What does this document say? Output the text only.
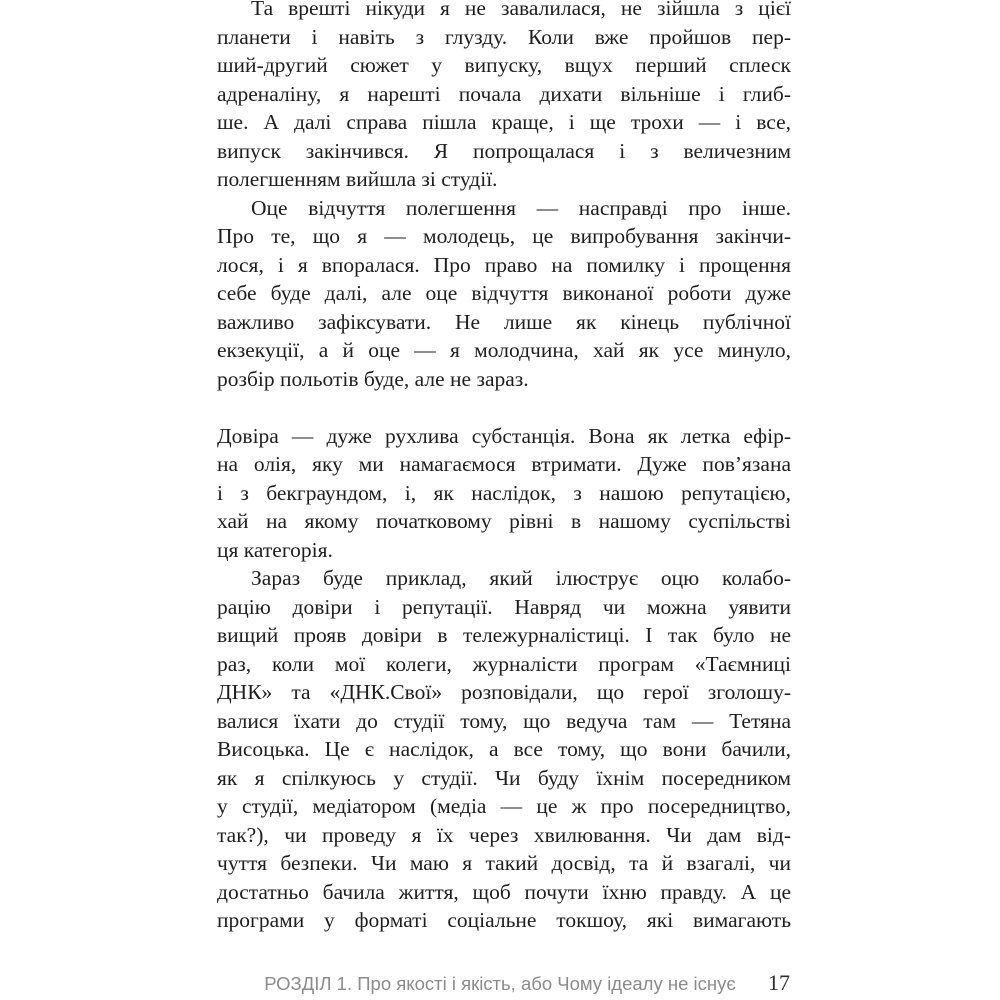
Та врешті нікуди я не завалилася, не зійшла з цієї
планети і навіть з глузду. Коли вже пройшов пер-
ший-другий сюжет у випуску, вщух перший сплеск
адреналіну, я нарешті почала дихати вільніше і глиб-
ше. А далі справа пішла краще, і ще трохи — і все,
випуск закінчився. Я попрощалася і з величезним
полегшенням вийшла зі студії.
Оце відчуття полегшення — насправді про інше.
Про те, що я — молодець, це випробування закінчи-
лося, і я впоралася. Про право на помилку і прощення
себе буде далі, але оце відчуття виконаної роботи дуже
важливо зафіксувати. Не лише як кінець публічної
екзекуції, а й оце — я молодчина, хай як усе минуло,
розбір польотів буде, але не зараз.
Довіра — дуже рухлива субстанція. Вона як летка ефір-
на олія, яку ми намагаємося втримати. Дуже пов’язана
і з бекграундом, і, як наслідок, з нашою репутацією,
хай на якому початковому рівні в нашому суспільстві
ця категорія.
Зараз буде приклад, який ілюструє оцю колабо-
рацію довіри і репутації. Навряд чи можна уявити
вищий прояв довіри в тележурналістиці. І так було не
раз, коли мої колеги, журналісти програм «Таємниці
ДНК» та «ДНК.Свої» розповідали, що герої зголошу-
валися їхати до студії тому, що ведуча там — Тетяна
Висоцька. Це є наслідок, а все тому, що вони бачили,
як я спілкуюсь у студії. Чи буду їхнім посередником
у студії, медіатором (медіа — це ж про посередництво,
так?), чи проведу я їх через хвилювання. Чи дам від-
чуття безпеки. Чи маю я такий досвід, та й взагалі, чи
достатньо бачила життя, щоб почути їхню правду. А це
програми у форматі соціальне токшоу, які вимагають
РОЗДІЛ 1. Про якості і якість, або Чому ідеалу не існує	17
